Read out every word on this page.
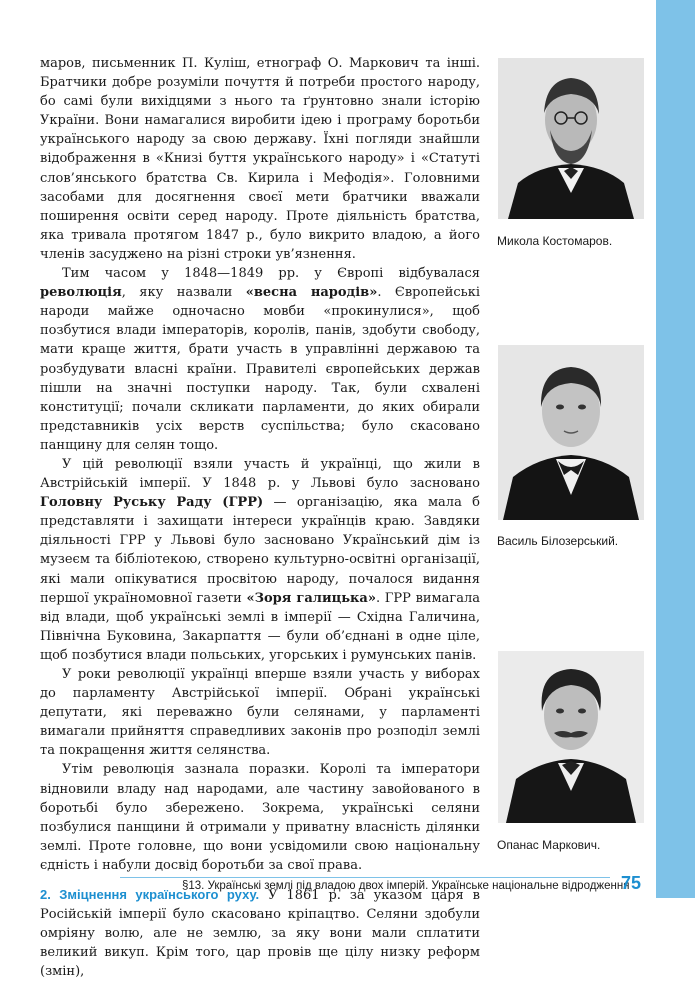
маров, письменник П. Куліш, етнограф О. Маркович та інші. Братчики добре розуміли почуття й потреби простого народу, бо самі були вихідцями з нього та ґрунтовно знали історію України. Вони намагалися виробити ідею і програму боротьби українського народу за свою державу. Їхні погляди знайшли відображення в «Книзі буття українського народу» і «Статуті слов’янського братства Св. Кирила і Мефодія». Головними засобами для досягнення своєї мети братчики вважали поширення освіти серед народу. Проте діяльність братства, яка тривала протягом 1847 р., було викрито владою, а його членів засуджено на різні строки ув’язнення.

Тим часом у 1848—1849 рр. у Європі відбувалася революція, яку назвали «весна народів». Європейські народи майже одночасно мовби «прокинулися», щоб позбутися влади імператорів, королів, панів, здобути свободу, мати краще життя, брати участь в управлінні державою та розбудувати власні країни. Правителі європейських держав пішли на значні поступки народу. Так, були схвалені конституції; почали скликати парламенти, до яких обирали представників усіх верств суспільства; було скасовано панщину для селян тощо.

У цій революції взяли участь й українці, що жили в Австрійській імперії. У 1848 р. у Львові було засновано Головну Руську Раду (ГРР) — організацію, яка мала б представляти і захищати інтереси українців краю. Завдяки діяльності ГРР у Львові було засновано Український дім із музеєм та бібліотекою, створено культурно-освітні організації, які мали опікуватися просвітою народу, почалося видання першої україномовної газети «Зоря галицька». ГРР вимагала від влади, щоб українські землі в імперії — Східна Галичина, Північна Буковина, Закарпаття — були об’єднані в одне ціле, щоб позбутися влади польських, угорських і румунських панів.

У роки революції українці вперше взяли участь у виборах до парламенту Австрійської імперії. Обрані українські депутати, які переважно були селянами, у парламенті вимагали прийняття справедливих законів про розподіл землі та покращення життя селянства.

Утім революція зазнала поразки. Королі та імператори відновили владу над народами, але частину завойованого в боротьбі було збережено. Зокрема, українські селяни позбулися панщини й отримали у приватну власність ділянки землі. Проте головне, що вони усвідомили свою національну єдність і набули досвід боротьби за свої права.

2. Зміцнення українського руху. У 1861 р. за указом царя в Російській імперії було скасовано кріпацтво. Селяни здобули омріяну волю, але не землю, за яку вони мали сплатити великий викуп. Крім того, цар провів ще цілу низку реформ (змін),

Микола Костомаров.
Василь Білозерський.
Опанас Маркович.
§13. Українські землі під владою двох імперій. Українське національне відродження
75
